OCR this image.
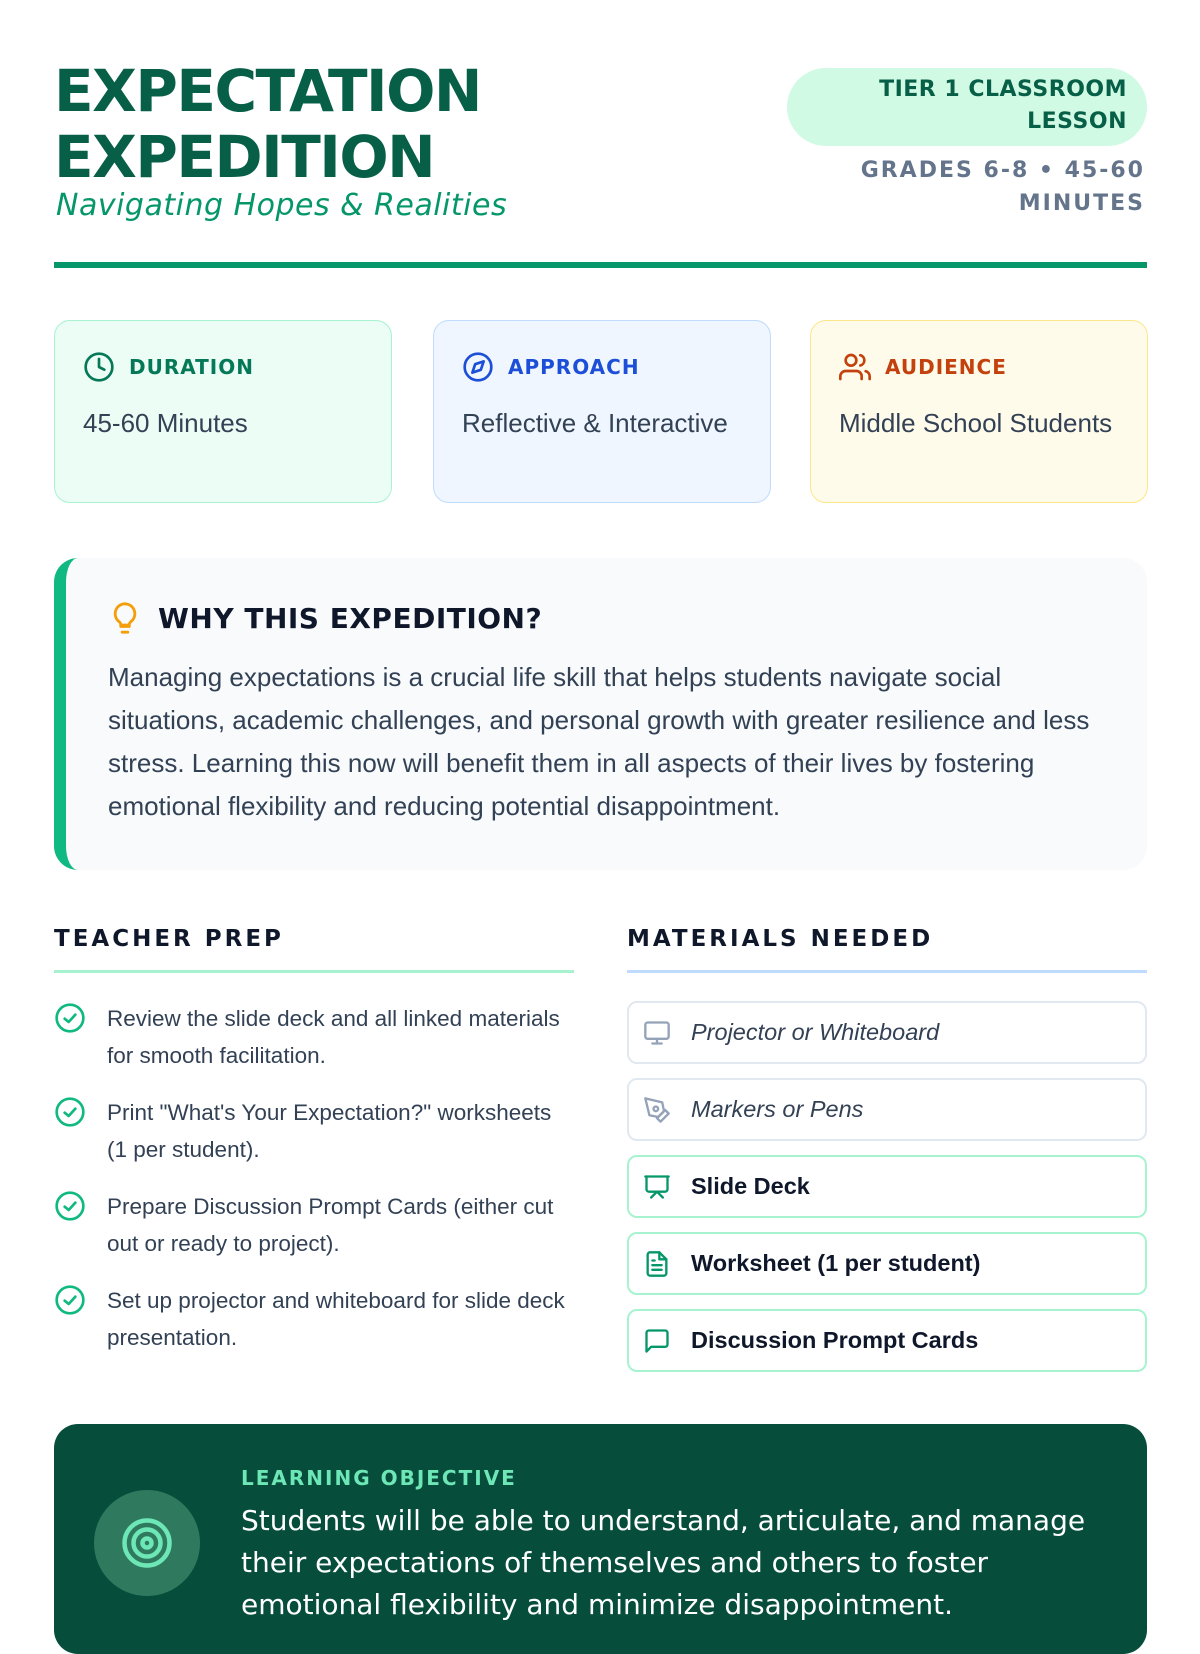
EXPECTATION
EXPEDITION
Navigating Hopes & Realities
TIER 1 CLASSROOM LESSON
GRADES 6-8 • 45-60 MINUTES
DURATION
45-60 Minutes
APPROACH
Reflective & Interactive
AUDIENCE
Middle School Students
WHY THIS EXPEDITION?

Managing expectations is a crucial life skill that helps students navigate social situations, academic challenges, and personal growth with greater resilience and less stress. Learning this now will benefit them in all aspects of their lives by fostering emotional flexibility and reducing potential disappointment.

TEACHER PREP
Review the slide deck and all linked materials for smooth facilitation.
Print "What's Your Expectation?" worksheets (1 per student).
Prepare Discussion Prompt Cards (either cut out or ready to project).
Set up projector and whiteboard for slide deck presentation.
MATERIALS NEEDED
Projector or Whiteboard
Markers or Pens
Slide Deck
Worksheet (1 per student)
Discussion Prompt Cards
LEARNING OBJECTIVE

Students will be able to understand, articulate, and manage their expectations of themselves and others to foster emotional flexibility and minimize disappointment.
